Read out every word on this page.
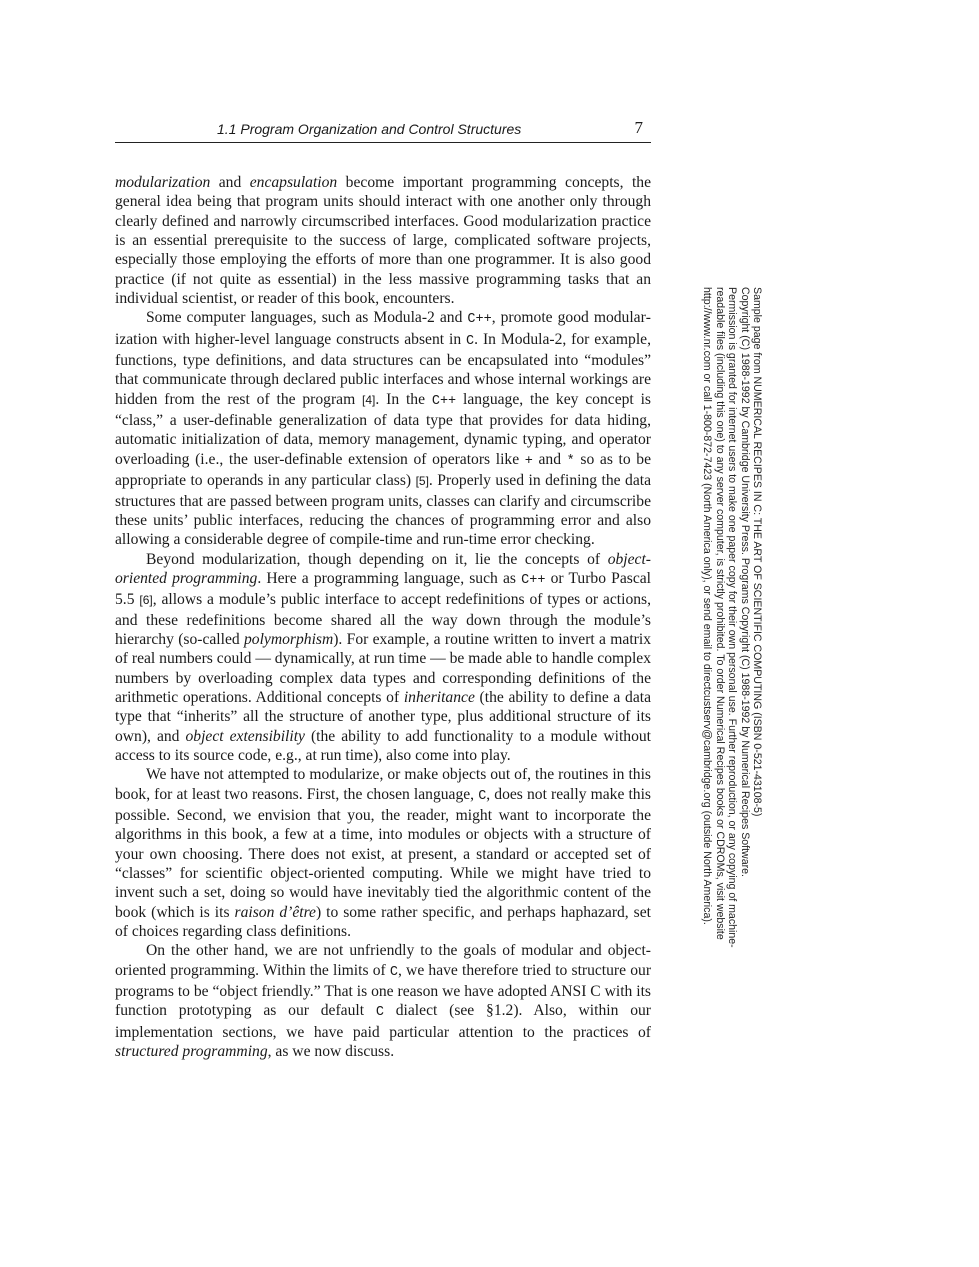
1.1 Program Organization and Control Structures	7

modularization and encapsulation become important programming concepts, the general idea being that program units should interact with one another only through clearly defined and narrowly circumscribed interfaces. Good modularization practice is an essential prerequisite to the success of large, complicated software projects, especially those employing the efforts of more than one programmer. It is also good practice (if not quite as essential) in the less massive programming tasks that an individual scientist, or reader of this book, encounters.

Some computer languages, such as Modula-2 and C++, promote good modularization with higher-level language constructs absent in C. In Modula-2, for example, functions, type definitions, and data structures can be encapsulated into “modules” that communicate through declared public interfaces and whose internal workings are hidden from the rest of the program [4]. In the C++ language, the key concept is “class,” a user-definable generalization of data type that provides for data hiding, automatic initialization of data, memory management, dynamic typing, and operator overloading (i.e., the user-definable extension of operators like + and * so as to be appropriate to operands in any particular class) [5]. Properly used in defining the data structures that are passed between program units, classes can clarify and circumscribe these units’ public interfaces, reducing the chances of programming error and also allowing a considerable degree of compile-time and run-time error checking.

Beyond modularization, though depending on it, lie the concepts of object-oriented programming. Here a programming language, such as C++ or Turbo Pascal 5.5 [6], allows a module’s public interface to accept redefinitions of types or actions, and these redefinitions become shared all the way down through the module’s hierarchy (so-called polymorphism). For example, a routine written to invert a matrix of real numbers could — dynamically, at run time — be made able to handle complex numbers by overloading complex data types and corresponding definitions of the arithmetic operations. Additional concepts of inheritance (the ability to define a data type that “inherits” all the structure of another type, plus additional structure of its own), and object extensibility (the ability to add functionality to a module without access to its source code, e.g., at run time), also come into play.

We have not attempted to modularize, or make objects out of, the routines in this book, for at least two reasons. First, the chosen language, C, does not really make this possible. Second, we envision that you, the reader, might want to incorporate the algorithms in this book, a few at a time, into modules or objects with a structure of your own choosing. There does not exist, at present, a standard or accepted set of “classes” for scientific object-oriented computing. While we might have tried to invent such a set, doing so would have inevitably tied the algorithmic content of the book (which is its raison d’être) to some rather specific, and perhaps haphazard, set of choices regarding class definitions.

On the other hand, we are not unfriendly to the goals of modular and object-oriented programming. Within the limits of C, we have therefore tried to structure our programs to be “object friendly.” That is one reason we have adopted ANSI C with its function prototyping as our default C dialect (see §1.2). Also, within our implementation sections, we have paid particular attention to the practices of structured programming, as we now discuss.

Sample page from NUMERICAL RECIPES IN C: THE ART OF SCIENTIFIC COMPUTING (ISBN 0-521-43108-5)
Copyright (C) 1988-1992 by Cambridge University Press. Programs Copyright (C) 1988-1992 by Numerical Recipes Software.
Permission is granted for internet users to make one paper copy for their own personal use. Further reproduction, or any copying of machine-
readable files (including this one) to any server computer, is strictly prohibited. To order Numerical Recipes books or CDROMs, visit website
http://www.nr.com or call 1-800-872-7423 (North America only), or send email to directcustserv@cambridge.org (outside North America).
